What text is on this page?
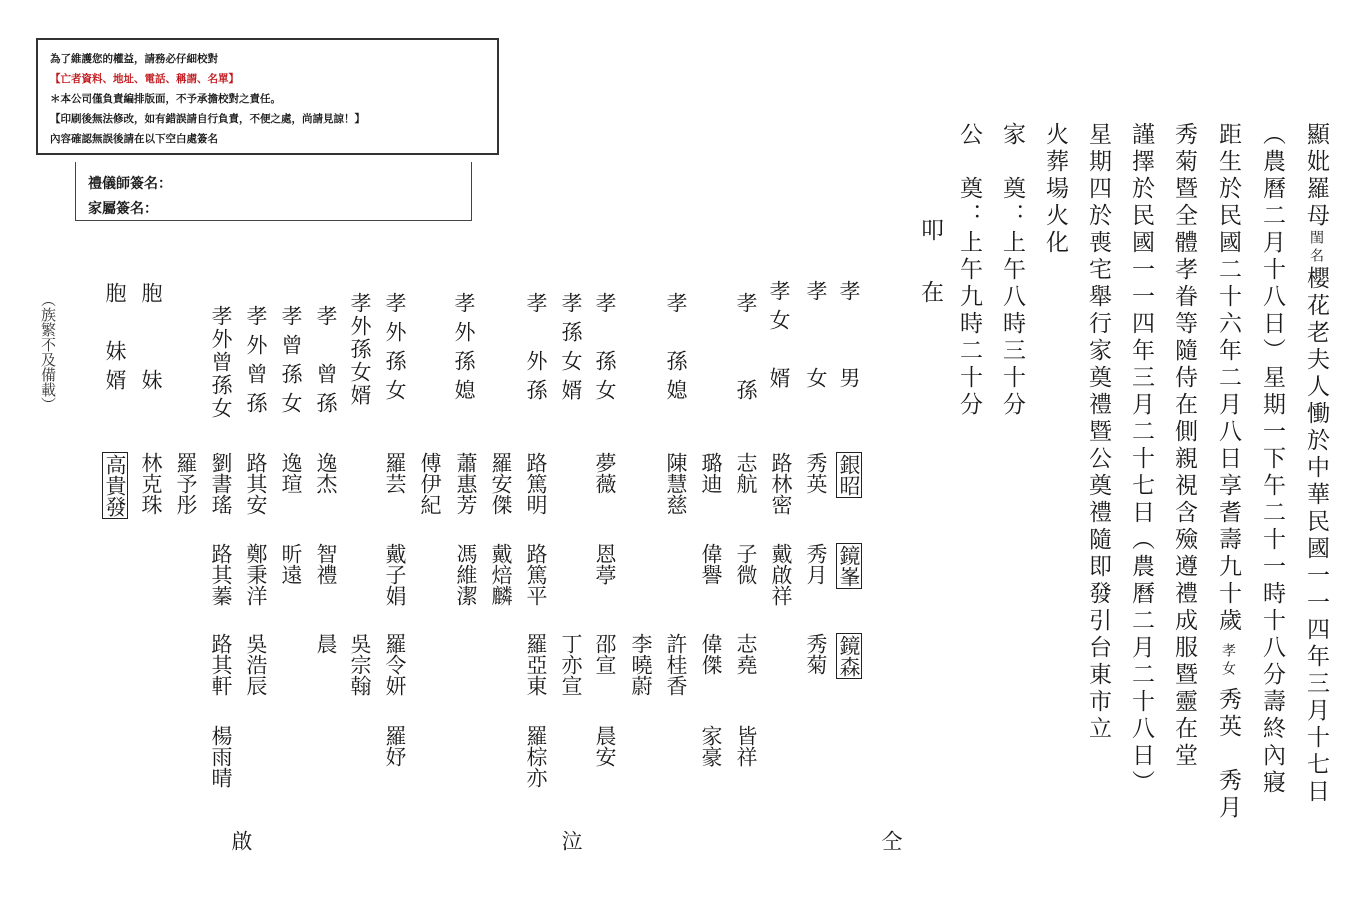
為了維護您的權益，請務必仔細校對
【亡者資料、地址、電話、稱謂、名單】
＊本公司僅負責編排版面，不予承擔校對之責任。
【印刷後無法修改，如有錯誤請自行負責，不便之處，尚請見諒！】
內容確認無誤後請在以下空白處簽名
禮儀師簽名：
家屬簽名：	顯妣羅母閨名櫻花老夫人慟於中華民國一一四年三月十七日
（農曆二月十八日）星期一下午二十一時十八分壽終內寢
距生於民國二十六年二月八日享耆壽九十歲孝女秀英　秀月
秀菊暨全體孝眷等隨侍在側親視含殮遵禮成服暨靈在堂
謹擇於民國一一四年三月二十七日（農曆二月二十八日）
星期四於喪宅舉行家奠禮暨公奠禮隨即發引台東市立
火葬場火化
家　奠：上午八時三十分
公　奠：上午九時二十分
叩
在
孝　　男
孝　　女
孝女　婿
孝　　孫
孝　孫媳
孝　孫女
孝孫女婿
孝　外孫
孝外孫媳
孝外孫女
孝外孫女婿
孝　曾孫
孝曾孫女
孝外曾孫
孝外曾孫女
胞　　妹
胞　妹婿
銀昭
鏡峯
鏡森
秀英
秀月
秀菊
路林密
戴啟祥
志航
子微
志堯
皆祥
璐迪
偉譽
偉傑
家豪
陳慧慈
許桂香
李曉蔚
夢薇
恩葶
邵宣
晨安
丁亦宣
路篤明
路篤平
羅亞東
羅棕亦
羅安傑
戴焙麟
蕭惠芳
馮維潔
傅伊紀
羅芸
戴子娟
羅令妍
羅妤
吳宗翰
逸杰
智禮
晨
逸瑄
昕遠
路其安
鄭秉洋
吳浩辰
劉書瑤
路其蓁
路其軒
楊雨晴
羅予彤
林克珠
高貴發
（族繁不及備載）
仝
泣
啟
